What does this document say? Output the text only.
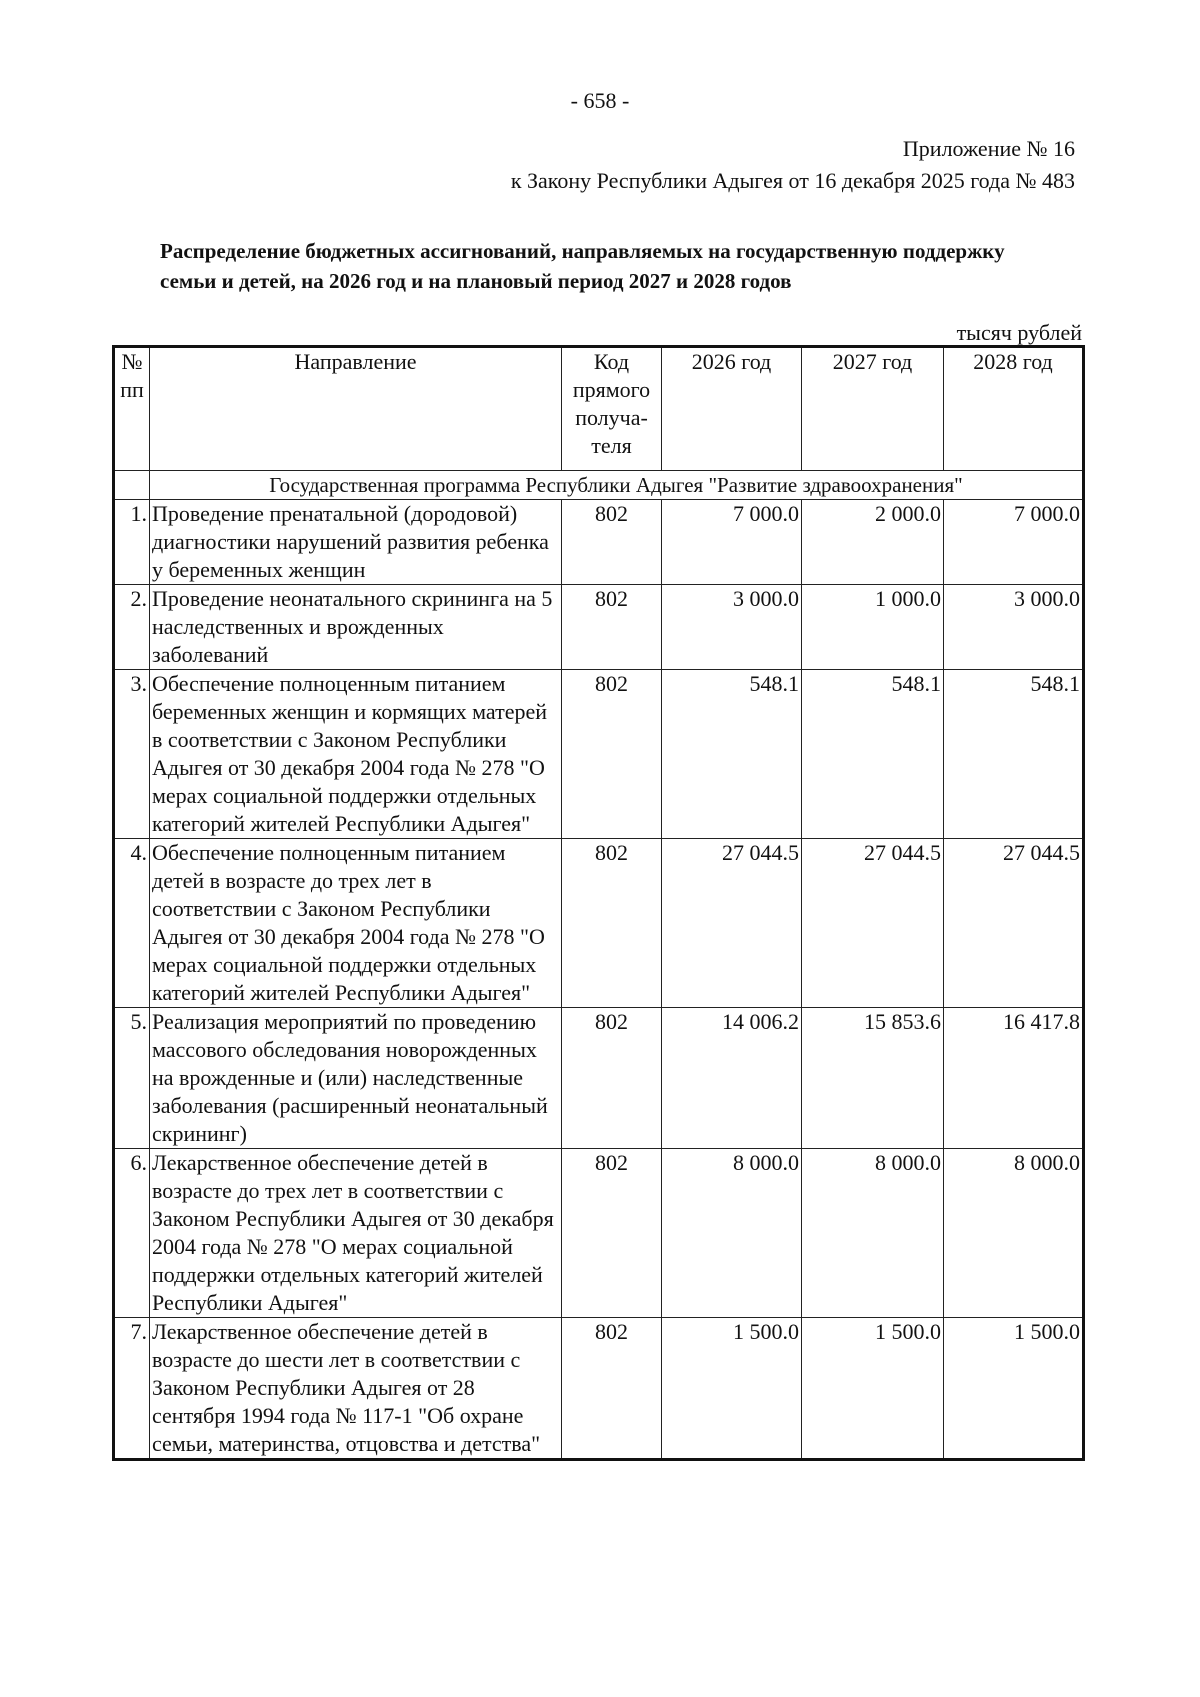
- 658 -
Приложение № 16
к Закону Республики Адыгея от 16 декабря 2025 года № 483
Распределение бюджетных ассигнований, направляемых на государственную поддержку семьи и детей, на 2026 год и на плановый период 2027 и 2028 годов
тысяч рублей
№ пп	Направление	Код прямого получа-теля	2026 год	2027 год	2028 год
	Государственная программа Республики Адыгея "Развитие здравоохранения"				
1.	Проведение пренатальной (дородовой) диагностики нарушений развития ребенка у беременных женщин	802	7 000.0	2 000.0	7 000.0
2.	Проведение неонатального скрининга на 5 наследственных и врожденных заболеваний	802	3 000.0	1 000.0	3 000.0
3.	Обеспечение полноценным питанием беременных женщин и кормящих матерей в соответствии с Законом Республики Адыгея от 30 декабря 2004 года № 278 "О мерах социальной поддержки отдельных категорий жителей Республики Адыгея"	802	548.1	548.1	548.1
4.	Обеспечение полноценным питанием детей в возрасте до трех лет в соответствии с Законом Республики Адыгея от 30 декабря 2004 года № 278 "О мерах социальной поддержки отдельных категорий жителей Республики Адыгея"	802	27 044.5	27 044.5	27 044.5
5.	Реализация мероприятий по проведению массового обследования новорожденных на врожденные и (или) наследственные заболевания (расширенный неонатальный скрининг)	802	14 006.2	15 853.6	16 417.8
6.	Лекарственное обеспечение детей в возрасте до трех лет в соответствии с Законом Республики Адыгея от 30 декабря 2004 года № 278 "О мерах социальной поддержки отдельных категорий жителей Республики Адыгея"	802	8 000.0	8 000.0	8 000.0
7.	Лекарственное обеспечение детей в возрасте до шести лет в соответствии с Законом Республики Адыгея от 28 сентября 1994 года № 117-1 "Об охране семьи, материнства, отцовства и детства"	802	1 500.0	1 500.0	1 500.0
